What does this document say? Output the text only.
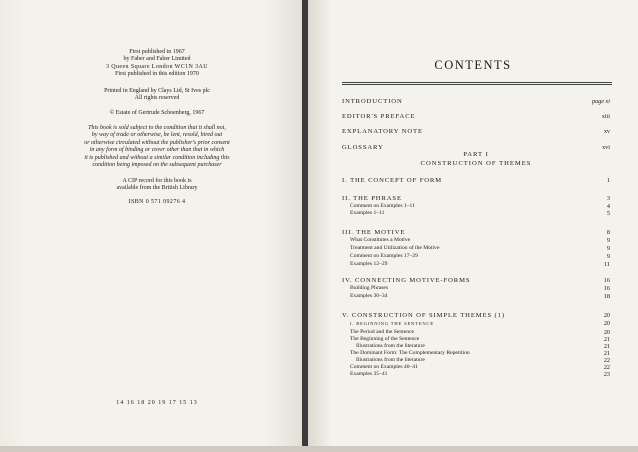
First published in 1967
by Faber and Faber Limited
3 Queen Square London WC1N 3AU
First published in this edition 1970
Printed in England by Clays Ltd, St Ives plc
All rights reserved
© Estate of Gertrude Schoenberg, 1967
This book is sold subject to the condition that it shall not,
by way of trade or otherwise, be lent, resold, hired out
or otherwise circulated without the publisher's prior consent
in any form of binding or cover other than that in which
it is published and without a similar condition including this
condition being imposed on the subsequent purchaser
A CIP record for this book is
available from the British Library
ISBN 0 571 09276 4
14 16 18 20 19 17 15 13
CONTENTS
INTRODUCTION	page xi
EDITOR'S PREFACE	xiii
EXPLANATORY NOTE	xv
GLOSSARY	xvi
PART I
CONSTRUCTION OF THEMES
I. THE CONCEPT OF FORM	1
II. THE PHRASE	3
Comment on Examples 1–11	4
Examples 1–11	5
III. THE MOTIVE	8
What Constitutes a Motive	9
Treatment and Utilization of the Motive	9
Comment on Examples 17–29	9
Examples 12–29	11
IV. CONNECTING MOTIVE-FORMS	16
Building Phrases	16
Examples 30–34	18
V. CONSTRUCTION OF SIMPLE THEMES (1)	20
I. BEGINNING THE SENTENCE	20
The Period and the Sentence	20
The Beginning of the Sentence	21
Illustrations from the literature	21
The Dominant Form: The Complementary Repetition	21
Illustrations from the literature	22
Comment on Examples 40–41	22
Examples 35–41	23
